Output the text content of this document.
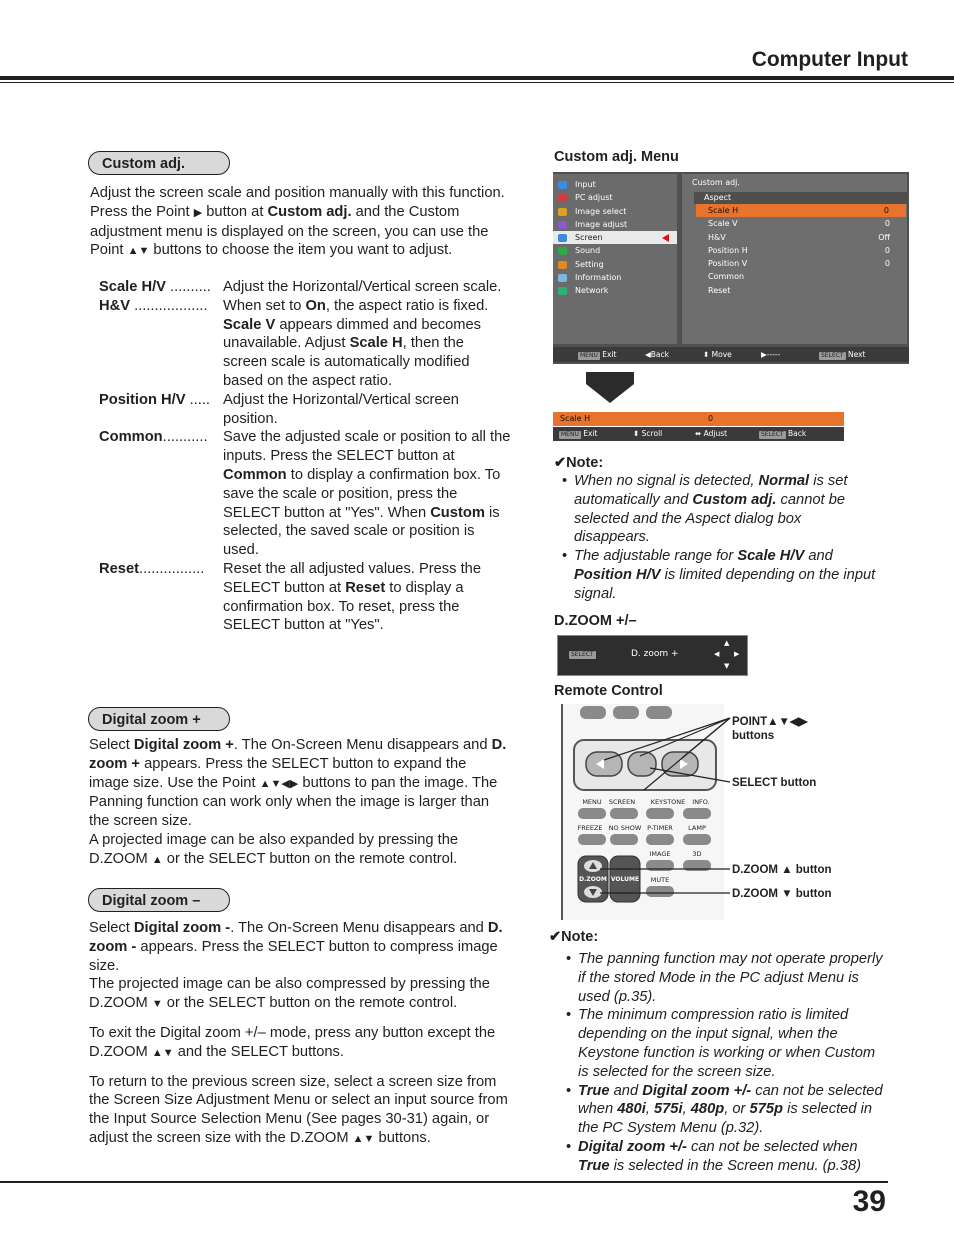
Computer Input
Custom adj.

Adjust the screen scale and position manually with this function.

Press the Point ▶ button at Custom adj. and the Custom adjustment menu is displayed on the screen, you can use the Point ▲▼ buttons to choose the item you want to adjust.

Scale H/V .......... Adjust the Horizontal/Vertical screen scale.
H&V ..................	When set to On, the aspect ratio is fixed. Scale V appears dimmed and becomes unavailable. Adjust Scale H, then the screen scale is automatically modified based on the aspect ratio.
Position H/V ..... Adjust the Horizontal/Vertical screen position.
Common...........	Save the adjusted scale or position to all the inputs. Press the SELECT button at Common to display a confirmation box. To save the scale or position, press the SELECT button at "Yes". When Custom is selected, the saved scale or position is used.
Reset................	Reset the all adjusted values. Press the SELECT button at Reset to display a confirmation box. To reset, press the SELECT button at "Yes".
Digital zoom +

Select Digital zoom +. The On-Screen Menu disappears and D. zoom + appears. Press the SELECT button to expand the image size. Use the Point ▲▼◀▶ buttons to pan the image. The Panning function can work only when the image is larger than the screen size.

A projected image can be also expanded by pressing the D.ZOOM ▲ or the SELECT button on the remote control.

Digital zoom –

Select Digital zoom -. The On-Screen Menu disappears and D. zoom - appears. Press the SELECT button to compress image size.

The projected image can be also compressed by pressing the D.ZOOM ▼ or the SELECT button on the remote control.

To exit the Digital zoom +/– mode, press any button except the D.ZOOM ▲▼ and the SELECT buttons.

To return to the previous screen size, select a screen size from the Screen Size Adjustment Menu or select an input source from the Input Source Selection Menu (See pages 30-31) again, or adjust the screen size with the D.ZOOM ▲▼ buttons.

Custom adj. Menu
Input
PC adjust
Image select
Image adjust
Screen
Sound
Setting
Information
Network
Custom adj.
Aspect
Scale H	0
Scale V	0
H&V	Off
Position H	0
Position V	0
Common
Reset
MENU Exit	◀Back	⬍ Move	▶-----	SELECT Next
Scale H	0
MENU Exit	⬍ Scroll	⬌ Adjust	SELECT Back
✔Note:
• When no signal is detected, Normal is set automatically and Custom adj. cannot be selected and the Aspect dialog box disappears.
• The adjustable range for Scale H/V and Position H/V is limited depending on the input signal.
D.ZOOM +/–
SELECT	D. zoom +
▲
◀ ▶
▼
Remote Control
MENU SCREEN KEYSTONE INFO.
FREEZE NO SHOW P-TIMER LAMP
IMAGE	3D
MUTE
D.ZOOM VOLUME
POINT▲▼◀▶
buttons
SELECT button
D.ZOOM ▲ button
D.ZOOM ▼ button
✔Note:
• The panning function may not operate properly if the stored Mode in the PC adjust Menu is used (p.35).
• The minimum compression ratio is limited depending on the input signal, when the Keystone function is working or when Custom is selected for the screen size.
• True and Digital zoom +/- can not be selected when 480i, 575i, 480p, or 575p is selected in the PC System Menu (p.32).
• Digital zoom +/- can not be selected when True is selected in the Screen menu. (p.38)
39
